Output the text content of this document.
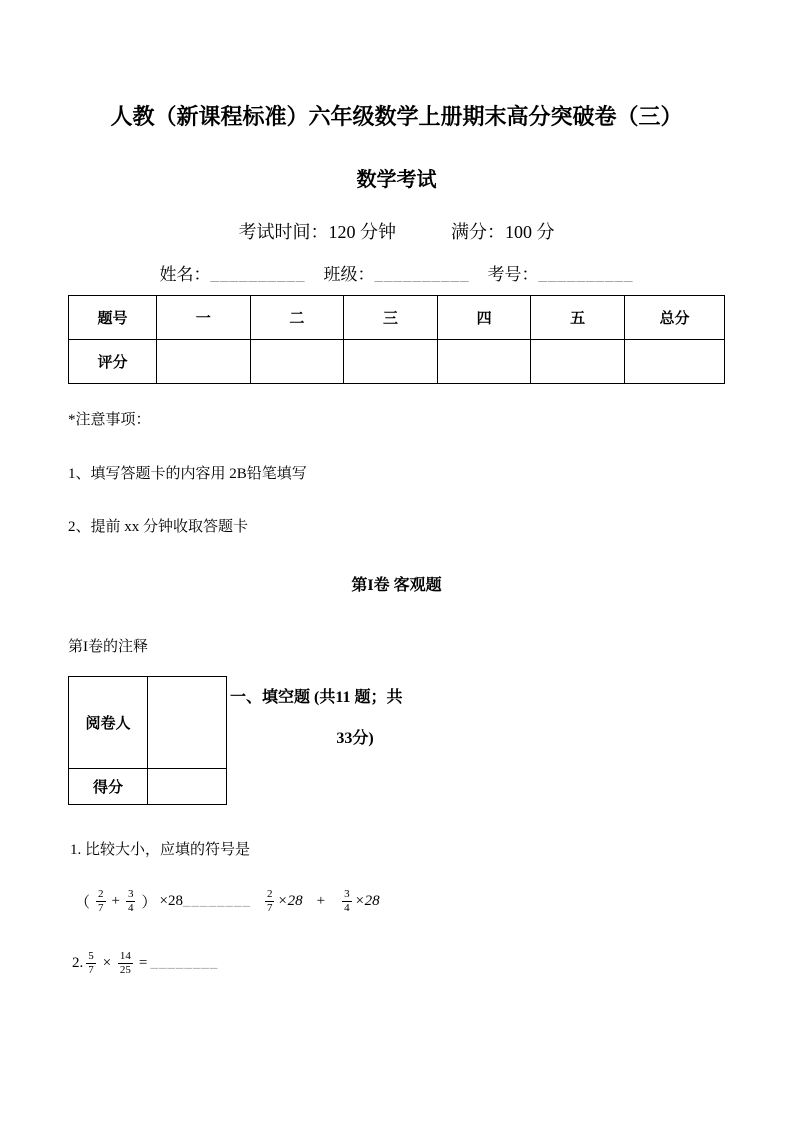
人教（新课程标准）六年级数学上册期末高分突破卷（三）
数学考试
考试时间：120 分钟	满分：100 分
姓名：__________ 班级：__________ 考号：__________
题号	一	二	三	四	五	总分
评分						
*注意事项：
1、填写答题卡的内容用 2B铅笔填写
2、提前 xx 分钟收取答题卡
第I卷 客观题
第I卷的注释
阅卷人	
得分	
一、填空题 (共11 题；共
33分)
1. 比较大小，应填的符号是
（ $\frac{2}{7} + \frac{3}{4}$ ） ×28 ________ $\frac{2}{7} \times 28 + \frac{3}{4} \times 28$
2. $\frac{5}{7} \times \frac{14}{25}$ = ________
